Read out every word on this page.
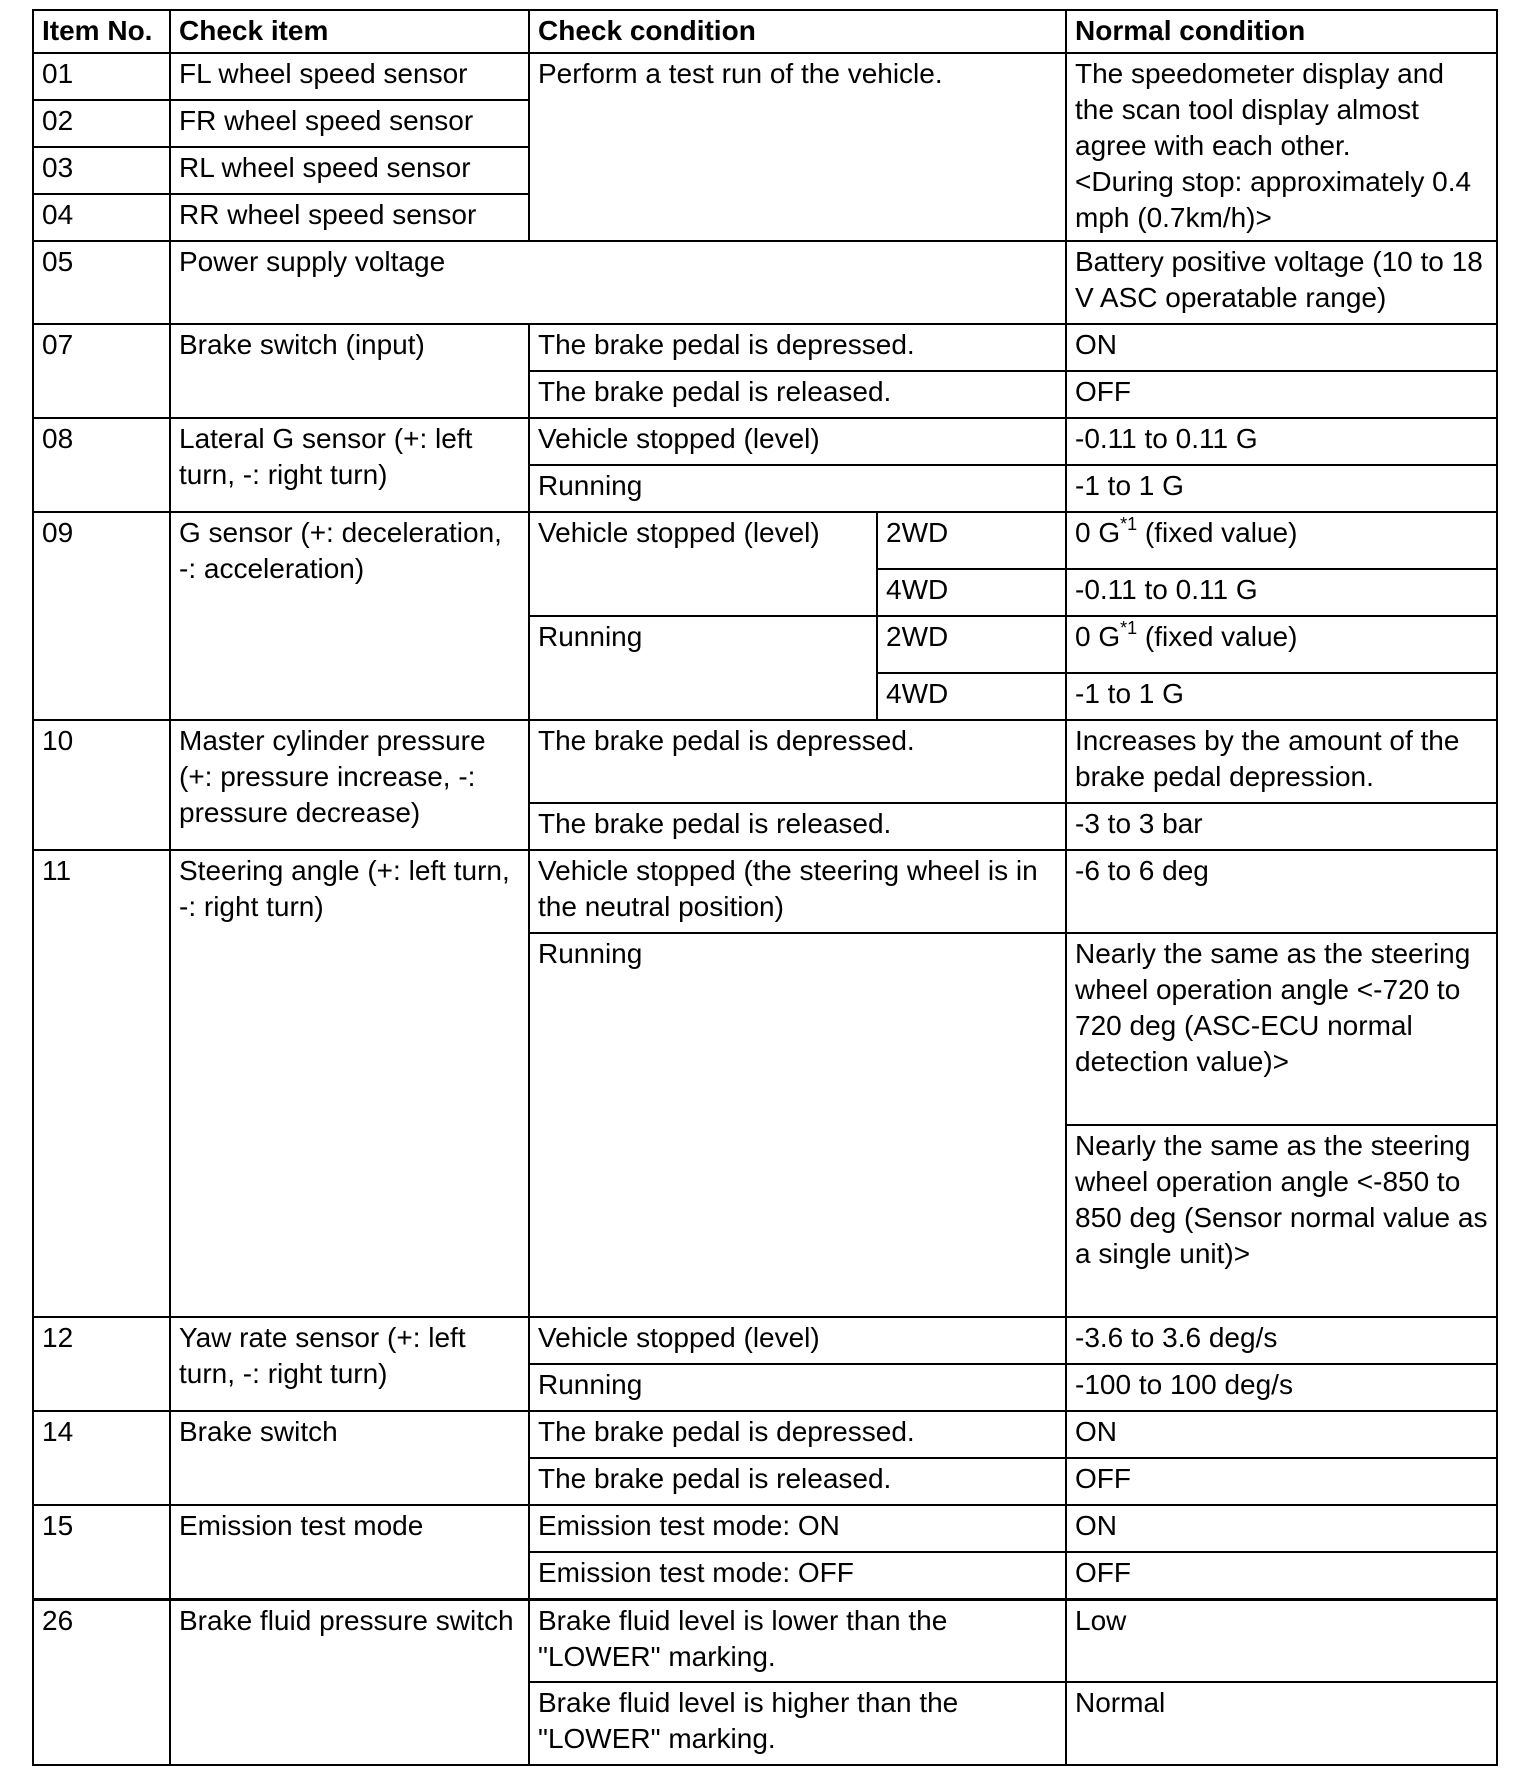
Item No.	Check item	Check condition		Normal condition
01	FL wheel speed sensor	Perform a test run of the vehicle.		The speedometer display and the scan tool display almost agree with each other.
<During stop: approximately 0.4 mph (0.7km/h)>
02	FR wheel speed sensor			
03	RL wheel speed sensor			
04	RR wheel speed sensor			
05	Power supply voltage			Battery positive voltage (10 to 18 V ASC operatable range)
07	Brake switch (input)	The brake pedal is depressed.		ON
		The brake pedal is released.		OFF
08	Lateral G sensor (+: left turn, -: right turn)	Vehicle stopped (level)		-0.11 to 0.11 G
		Running		-1 to 1 G
09	G sensor (+: deceleration, -: acceleration)	Vehicle stopped (level)	2WD	0 $G^{*1}$ (fixed value)
			4WD	-0.11 to 0.11 G
		Running	2WD	0 $G^{*1}$ (fixed value)
			4WD	-1 to 1 G
10	Master cylinder pressure (+: pressure increase, -: pressure decrease)	The brake pedal is depressed.		Increases by the amount of the brake pedal depression.
		The brake pedal is released.		-3 to 3 bar
11	Steering angle (+: left turn, -: right turn)	Vehicle stopped (the steering wheel is in the neutral position)		-6 to 6 deg
		Running		Nearly the same as the steering wheel operation angle <-720 to 720 deg (ASC-ECU normal detection value)>
				Nearly the same as the steering wheel operation angle <-850 to 850 deg (Sensor normal value as a single unit)>
12	Yaw rate sensor (+: left turn, -: right turn)	Vehicle stopped (level)		-3.6 to 3.6 deg/s
		Running		-100 to 100 deg/s
14	Brake switch	The brake pedal is depressed.		ON
		The brake pedal is released.		OFF
15	Emission test mode	Emission test mode: ON		ON
		Emission test mode: OFF		OFF
26	Brake fluid pressure switch	Brake fluid level is lower than the "LOWER" marking.		Low
		Brake fluid level is higher than the "LOWER" marking.		Normal
